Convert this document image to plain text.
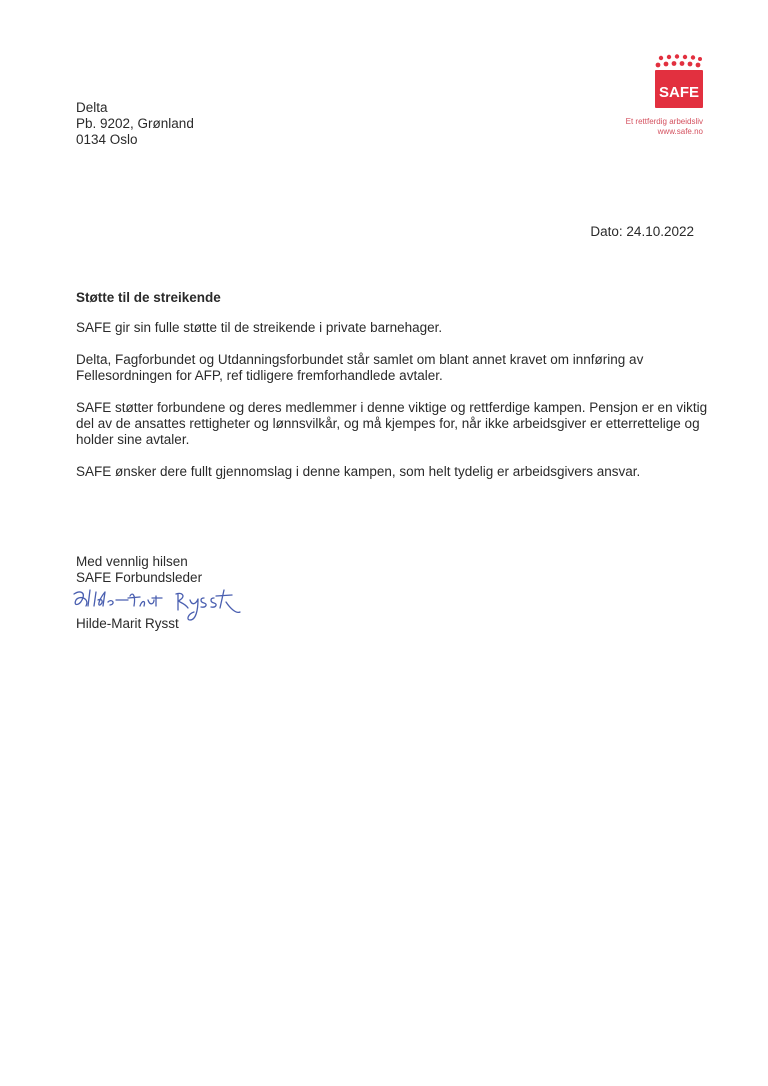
Delta
Pb. 9202, Grønland
0134 Oslo
SAFE
Et rettferdig arbeidsliv
www.safe.no
Dato: 24.10.2022
Støtte til de streikende

SAFE gir sin fulle støtte til de streikende i private barnehager.

Delta, Fagforbundet og Utdanningsforbundet står samlet om blant annet kravet om innføring av Fellesordningen for AFP, ref tidligere fremforhandlede avtaler.

SAFE støtter forbundene og deres medlemmer i denne viktige og rettferdige kampen. Pensjon er en viktig del av de ansattes rettigheter og lønnsvilkår, og må kjempes for, når ikke arbeidsgiver er etterrettelige og holder sine avtaler.

SAFE ønsker dere fullt gjennomslag i denne kampen, som helt tydelig er arbeidsgivers ansvar.

Med vennlig hilsen
SAFE Forbundsleder
Hilde-Marit Rysst
